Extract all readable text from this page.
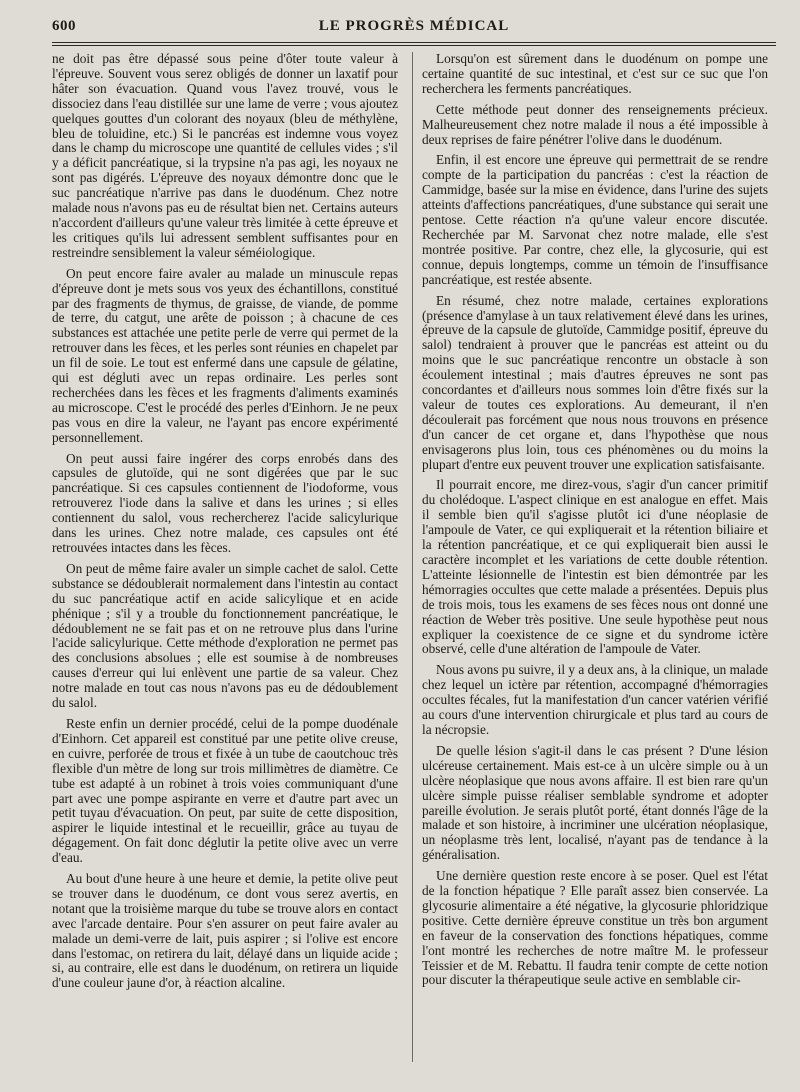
600	LE PROGRÈS MÉDICAL

ne doit pas être dépassé sous peine d'ôter toute valeur à l'épreuve. Souvent vous serez obligés de donner un laxatif pour hâter son évacuation. Quand vous l'avez trouvé, vous le dissociez dans l'eau distillée sur une lame de verre ; vous ajoutez quelques gouttes d'un colorant des noyaux (bleu de méthylène, bleu de toluidine, etc.) Si le pancréas est indemne vous voyez dans le champ du microscope une quantité de cellules vides ; s'il y a déficit pancréatique, si la trypsine n'a pas agi, les noyaux ne sont pas digérés. L'épreuve des noyaux démontre donc que le suc pancréatique n'arrive pas dans le duodénum. Chez notre malade nous n'avons pas eu de résultat bien net. Certains auteurs n'accordent d'ailleurs qu'une valeur très limitée à cette épreuve et les critiques qu'ils lui adressent semblent suffisantes pour en restreindre sensiblement la valeur séméiologique.

On peut encore faire avaler au malade un minuscule repas d'épreuve dont je mets sous vos yeux des échantillons, constitué par des fragments de thymus, de graisse, de viande, de pomme de terre, du catgut, une arête de poisson ; à chacune de ces substances est attachée une petite perle de verre qui permet de la retrouver dans les fèces, et les perles sont réunies en chapelet par un fil de soie. Le tout est enfermé dans une capsule de gélatine, qui est dégluti avec un repas ordinaire. Les perles sont recherchées dans les fèces et les fragments d'aliments examinés au microscope. C'est le procédé des perles d'Einhorn. Je ne peux pas vous en dire la valeur, ne l'ayant pas encore expérimenté personnellement.

On peut aussi faire ingérer des corps enrobés dans des capsules de glutoïde, qui ne sont digérées que par le suc pancréatique. Si ces capsules contiennent de l'iodoforme, vous retrouverez l'iode dans la salive et dans les urines ; si elles contiennent du salol, vous rechercherez l'acide salicylurique dans les urines. Chez notre malade, ces capsules ont été retrouvées intactes dans les fèces.

On peut de même faire avaler un simple cachet de salol. Cette substance se dédoublerait normalement dans l'intestin au contact du suc pancréatique actif en acide salicylique et en acide phénique ; s'il y a trouble du fonctionnement pancréatique, le dédoublement ne se fait pas et on ne retrouve plus dans l'urine l'acide salicylurique. Cette méthode d'exploration ne permet pas des conclusions absolues ; elle est soumise à de nombreuses causes d'erreur qui lui enlèvent une partie de sa valeur. Chez notre malade en tout cas nous n'avons pas eu de dédoublement du salol.

Reste enfin un dernier procédé, celui de la pompe duodénale d'Einhorn. Cet appareil est constitué par une petite olive creuse, en cuivre, perforée de trous et fixée à un tube de caoutchouc très flexible d'un mètre de long sur trois millimètres de diamètre. Ce tube est adapté à un robinet à trois voies communiquant d'une part avec une pompe aspirante en verre et d'autre part avec un petit tuyau d'évacuation. On peut, par suite de cette disposition, aspirer le liquide intestinal et le recueillir, grâce au tuyau de dégagement. On fait donc déglutir la petite olive avec un verre d'eau.

Au bout d'une heure à une heure et demie, la petite olive peut se trouver dans le duodénum, ce dont vous serez avertis, en notant que la troisième marque du tube se trouve alors en contact avec l'arcade dentaire. Pour s'en assurer on peut faire avaler au malade un demi-verre de lait, puis aspirer ; si l'olive est encore dans l'estomac, on retirera du lait, délayé dans un liquide acide ; si, au contraire, elle est dans le duodénum, on retirera un liquide d'une couleur jaune d'or, à réaction alcaline.

Lorsqu'on est sûrement dans le duodénum on pompe une certaine quantité de suc intestinal, et c'est sur ce suc que l'on recherchera les ferments pancréatiques.

Cette méthode peut donner des renseignements précieux. Malheureusement chez notre malade il nous a été impossible à deux reprises de faire pénétrer l'olive dans le duodénum.

Enfin, il est encore une épreuve qui permettrait de se rendre compte de la participation du pancréas : c'est la réaction de Cammidge, basée sur la mise en évidence, dans l'urine des sujets atteints d'affections pancréatiques, d'une substance qui serait une pentose. Cette réaction n'a qu'une valeur encore discutée. Recherchée par M. Sarvonat chez notre malade, elle s'est montrée positive. Par contre, chez elle, la glycosurie, qui est connue, depuis longtemps, comme un témoin de l'insuffisance pancréatique, est restée absente.

En résumé, chez notre malade, certaines explorations (présence d'amylase à un taux relativement élevé dans les urines, épreuve de la capsule de glutoïde, Cammidge positif, épreuve du salol) tendraient à prouver que le pancréas est atteint ou du moins que le suc pancréatique rencontre un obstacle à son écoulement intestinal ; mais d'autres épreuves ne sont pas concordantes et d'ailleurs nous sommes loin d'être fixés sur la valeur de toutes ces explorations. Au demeurant, il n'en découlerait pas forcément que nous nous trouvons en présence d'un cancer de cet organe et, dans l'hypothèse que nous envisagerons plus loin, tous ces phénomènes ou du moins la plupart d'entre eux peuvent trouver une explication satisfaisante.

Il pourrait encore, me direz-vous, s'agir d'un cancer primitif du cholédoque. L'aspect clinique en est analogue en effet. Mais il semble bien qu'il s'agisse plutôt ici d'une néoplasie de l'ampoule de Vater, ce qui expliquerait et la rétention biliaire et la rétention pancréatique, et ce qui expliquerait bien aussi le caractère incomplet et les variations de cette double rétention. L'atteinte lésionnelle de l'intestin est bien démontrée par les hémorragies occultes que cette malade a présentées. Depuis plus de trois mois, tous les examens de ses fèces nous ont donné une réaction de Weber très positive. Une seule hypothèse peut nous expliquer la coexistence de ce signe et du syndrome ictère observé, celle d'une altération de l'ampoule de Vater.

Nous avons pu suivre, il y a deux ans, à la clinique, un malade chez lequel un ictère par rétention, accompagné d'hémorragies occultes fécales, fut la manifestation d'un cancer vatérien vérifié au cours d'une intervention chirurgicale et plus tard au cours de la nécropsie.

De quelle lésion s'agit-il dans le cas présent ? D'une lésion ulcéreuse certainement. Mais est-ce à un ulcère simple ou à un ulcère néoplasique que nous avons affaire. Il est bien rare qu'un ulcère simple puisse réaliser semblable syndrome et adopter pareille évolution. Je serais plutôt porté, étant donnés l'âge de la malade et son histoire, à incriminer une ulcération néoplasique, un néoplasme très lent, localisé, n'ayant pas de tendance à la généralisation.

Une dernière question reste encore à se poser. Quel est l'état de la fonction hépatique ? Elle paraît assez bien conservée. La glycosurie alimentaire a été négative, la glycosurie phloridzique positive. Cette dernière épreuve constitue un très bon argument en faveur de la conservation des fonctions hépatiques, comme l'ont montré les recherches de notre maître M. le professeur Teissier et de M. Rebattu. Il faudra tenir compte de cette notion pour discuter la thérapeutique seule active en semblable cir-
